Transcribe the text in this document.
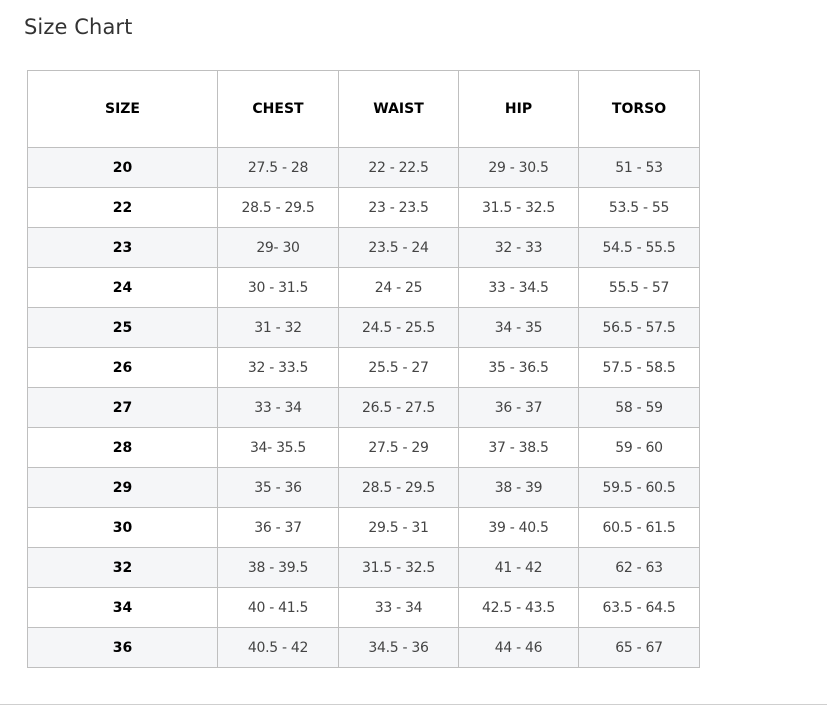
Size Chart
SIZE	CHEST	WAIST	HIP	TORSO
20	27.5 - 28	22 - 22.5	29 - 30.5	51 - 53
22	28.5 - 29.5	23 - 23.5	31.5 - 32.5	53.5 - 55
23	29- 30	23.5 - 24	32 - 33	54.5 - 55.5
24	30 - 31.5	24 - 25	33 - 34.5	55.5 - 57
25	31 - 32	24.5 - 25.5	34 - 35	56.5 - 57.5
26	32 - 33.5	25.5 - 27	35 - 36.5	57.5 - 58.5
27	33 - 34	26.5 - 27.5	36 - 37	58 - 59
28	34- 35.5	27.5 - 29	37 - 38.5	59 - 60
29	35 - 36	28.5 - 29.5	38 - 39	59.5 - 60.5
30	36 - 37	29.5 - 31	39 - 40.5	60.5 - 61.5
32	38 - 39.5	31.5 - 32.5	41 - 42	62 - 63
34	40 - 41.5	33 - 34	42.5 - 43.5	63.5 - 64.5
36	40.5 - 42	34.5 - 36	44 - 46	65 - 67
